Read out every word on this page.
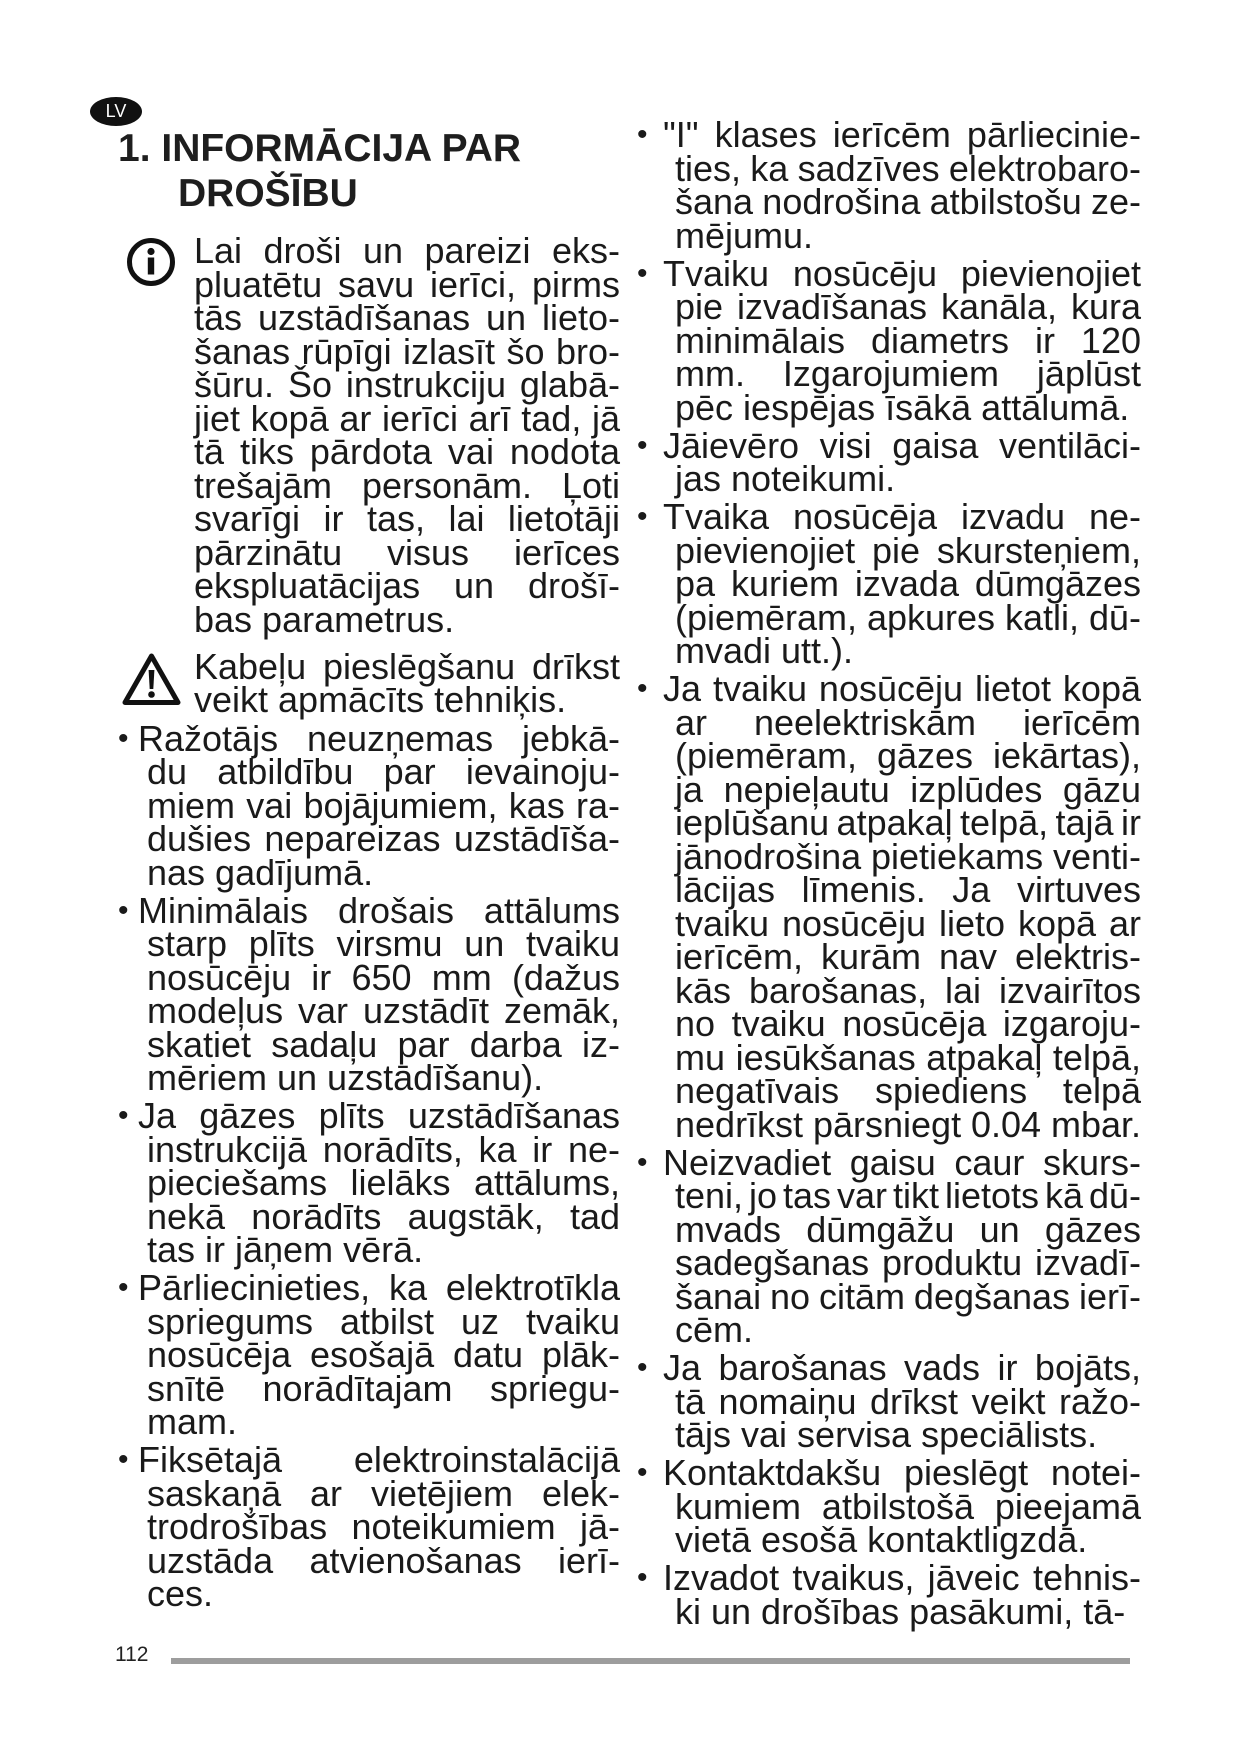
LV
1. INFORMĀCIJA PAR
DROŠĪBU
Lai droši un pareizi eks-
pluatētu savu ierīci, pirms
tās uzstādīšanas un lieto-
šanas rūpīgi izlasīt šo bro-
šūru. Šo instrukciju glabā-
jiet kopā ar ierīci arī tad, jā
tā tiks pārdota vai nodota
trešajām personām. Ļoti
svarīgi ir tas, lai lietotāji
pārzinātu visus ierīces
ekspluatācijas un drošī-
bas parametrus.
Kabeļu pieslēgšanu drīkst
veikt apmācīts tehniķis.
• Ražotājs neuzņemas jebkā-
du atbildību par ievainoju-
miem vai bojājumiem, kas ra-
dušies nepareizas uzstādīša-
nas gadījumā.
• Minimālais drošais attālums
starp plīts virsmu un tvaiku
nosūcēju ir 650 mm (dažus
modeļus var uzstādīt zemāk,
skatiet sadaļu par darba iz-
mēriem un uzstādīšanu).
• Ja gāzes plīts uzstādīšanas
instrukcijā norādīts, ka ir ne-
pieciešams lielāks attālums,
nekā norādīts augstāk, tad
tas ir jāņem vērā.
• Pārliecinieties, ka elektrotīkla
spriegums atbilst uz tvaiku
nosūcēja esošajā datu plāk-
snītē norādītajam spriegu-
mam.
• Fiksētajā elektroinstalācijā
saskaņā ar vietējiem elek-
trodrošības noteikumiem jā-
uzstāda atvienošanas ierī-
ces.
• "I" klases ierīcēm pārliecinie-
ties, ka sadzīves elektrobaro-
šana nodrošina atbilstošu ze-
mējumu.
• Tvaiku nosūcēju pievienojiet
pie izvadīšanas kanāla, kura
minimālais diametrs ir 120
mm. Izgarojumiem jāplūst
pēc iespējas īsākā attālumā.
• Jāievēro visi gaisa ventilāci-
jas noteikumi.
• Tvaika nosūcēja izvadu ne-
pievienojiet pie skursteņiem,
pa kuriem izvada dūmgāzes
(piemēram, apkures katli, dū-
mvadi utt.).
• Ja tvaiku nosūcēju lietot kopā
ar neelektriskām ierīcēm
(piemēram, gāzes iekārtas),
ja nepieļautu izplūdes gāzu
ieplūšanu atpakaļ telpā, tajā ir
jānodrošina pietiekams venti-
lācijas līmenis. Ja virtuves
tvaiku nosūcēju lieto kopā ar
ierīcēm, kurām nav elektris-
kās barošanas, lai izvairītos
no tvaiku nosūcēja izgaroju-
mu iesūkšanas atpakaļ telpā,
negatīvais spiediens telpā
nedrīkst pārsniegt 0.04 mbar.
• Neizvadiet gaisu caur skurs-
teni, jo tas var tikt lietots kā dū-
mvads dūmgāžu un gāzes
sadegšanas produktu izvadī-
šanai no citām degšanas ierī-
cēm.
• Ja barošanas vads ir bojāts,
tā nomaiņu drīkst veikt ražo-
tājs vai servisa speciālists.
• Kontaktdakšu pieslēgt notei-
kumiem atbilstošā pieejamā
vietā esošā kontaktligzdā.
• Izvadot tvaikus, jāveic tehnis-
ki un drošības pasākumi, tā-
112
